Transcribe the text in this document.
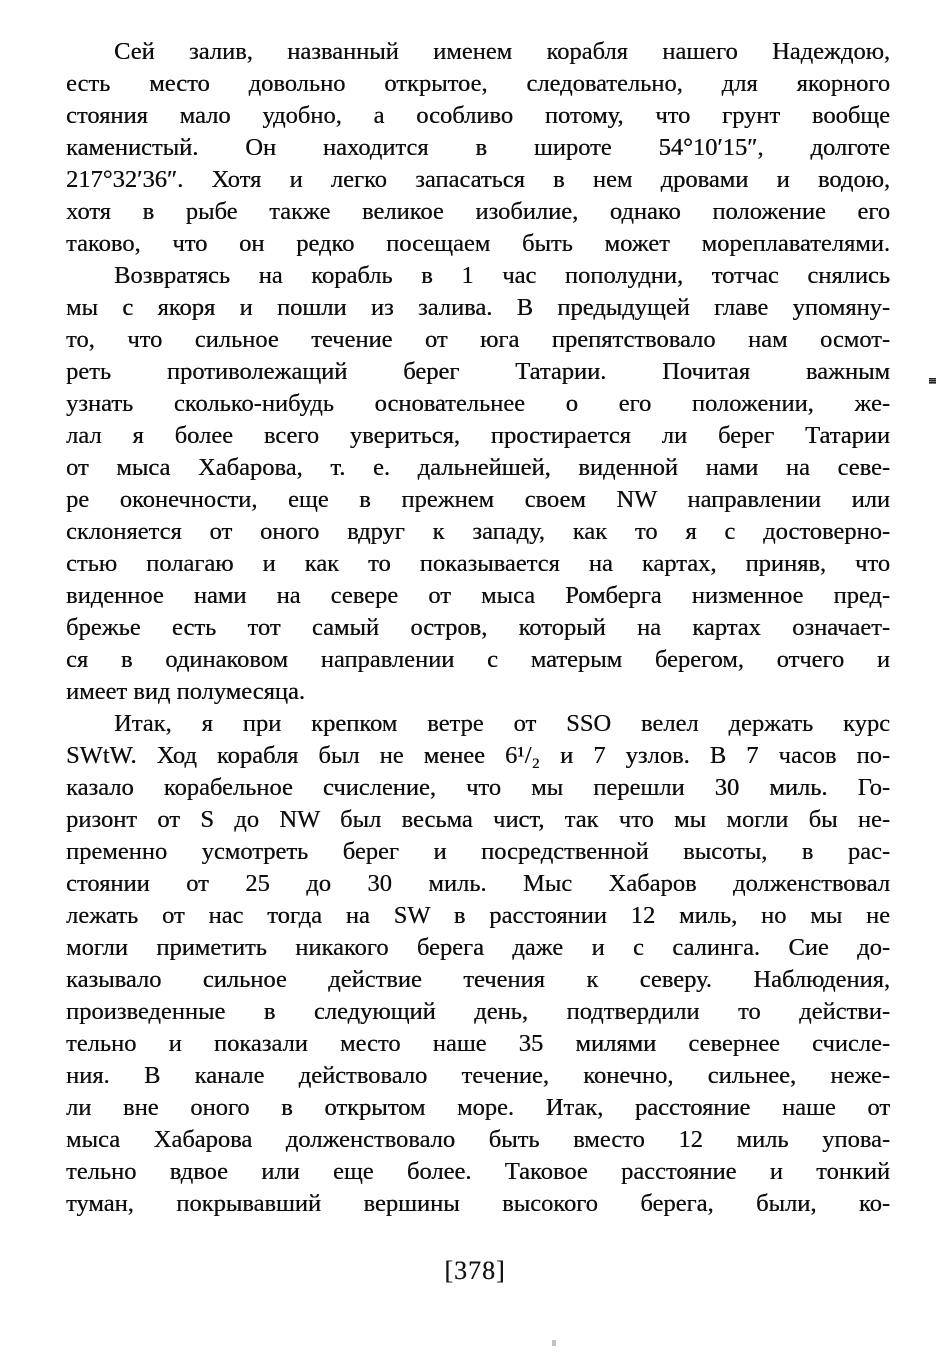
Сей залив, названный именем корабля нашего Надеждою,
есть место довольно открытое, следовательно, для якорного
стояния мало удобно, а особливо потому, что грунт вообще
каменистый. Он находится в широте 54°10′15″, долготе
217°32′36″. Хотя и легко запасаться в нем дровами и водою,
хотя в рыбе также великое изобилие, однако положение его
таково, что он редко посещаем быть может мореплавателями.
Возвратясь на корабль в 1 час пополудни, тотчас снялись
мы с якоря и пошли из залива. В предыдущей главе упомяну-
то, что сильное течение от юга препятствовало нам осмот-
реть противолежащий берег Татарии. Почитая важным
узнать сколько-нибудь основательнее о его положении, же-
лал я более всего увериться, простирается ли берег Татарии
от мыса Хабарова, т. е. дальнейшей, виденной нами на севе-
ре оконечности, еще в прежнем своем NW направлении или
склоняется от оного вдруг к западу, как то я с достоверно-
стью полагаю и как то показывается на картах, приняв, что
виденное нами на севере от мыса Ромберга низменное пред-
брежье есть тот самый остров, который на картах означает-
ся в одинаковом направлении с матерым берегом, отчего и
имеет вид полумесяца.
Итак, я при крепком ветре от SSO велел держать курс
SWtW. Ход корабля был не менее 6¹/₂ и 7 узлов. В 7 часов по-
казало корабельное счисление, что мы перешли 30 миль. Го-
ризонт от S до NW был весьма чист, так что мы могли бы не-
пременно усмотреть берег и посредственной высоты, в рас-
стоянии от 25 до 30 миль. Мыс Хабаров долженствовал
лежать от нас тогда на SW в расстоянии 12 миль, но мы не
могли приметить никакого берега даже и с салинга. Сие до-
казывало сильное действие течения к северу. Наблюдения,
произведенные в следующий день, подтвердили то действи-
тельно и показали место наше 35 милями севернее счисле-
ния. В канале действовало течение, конечно, сильнее, неже-
ли вне оного в открытом море. Итак, расстояние наше от
мыса Хабарова долженствовало быть вместо 12 миль упова-
тельно вдвое или еще более. Таковое расстояние и тонкий
туман, покрывавший вершины высокого берега, были, ко-
[378]
